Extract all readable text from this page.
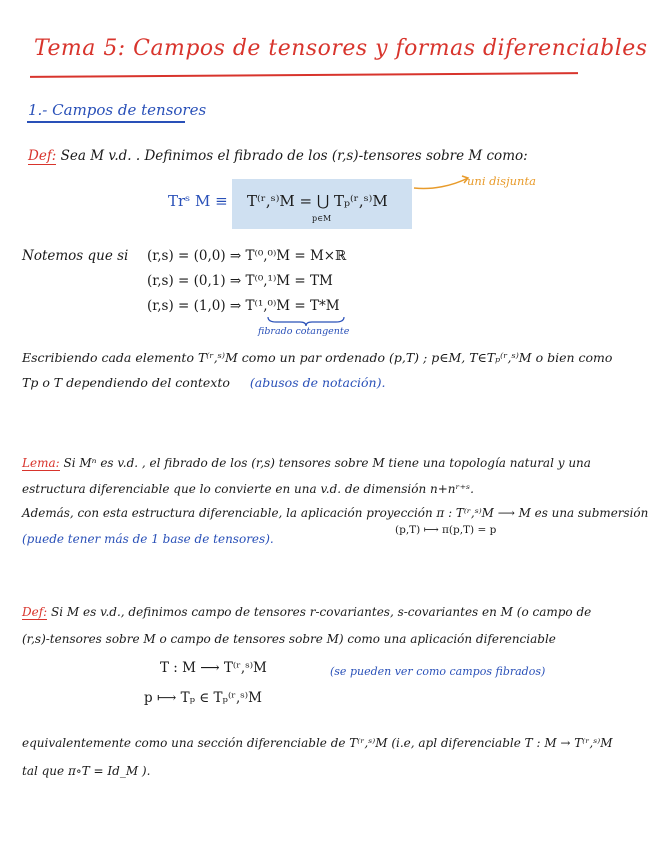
Tema 5: Campos de tensores y formas diferenciables
1.- Campos de tensores
Def: Sea M v.d. . Definimos el fibrado de los (r,s)-tensores sobre M como:
Trˢ M ≡ T⁽ʳ,ˢ⁾M = ⋃ Tₚ⁽ʳ,ˢ⁾M
p∈M
uni disjunta
Notemos que si (r,s) = (0,0) ⇒ T⁽⁰,⁰⁾M = M×ℝ
(r,s) = (0,1) ⇒ T⁽⁰,¹⁾M = TM
(r,s) = (1,0) ⇒ T⁽¹,⁰⁾M = T*M
fibrado cotangente
Escribiendo cada elemento T⁽ʳ,ˢ⁾M como un par ordenado (p,T) ; p∈M, T∈Tₚ⁽ʳ,ˢ⁾M o bien como
Tp o T dependiendo del contexto (abusos de notación).
Lema: Si Mⁿ es v.d. , el fibrado de los (r,s) tensores sobre M tiene una topología natural y una
estructura diferenciable que lo convierte en una v.d. de dimensión n+nʳ⁺ˢ.
Además, con esta estructura diferenciable, la aplicación proyección π : T⁽ʳ,ˢ⁾M ⟶ M es una submersión
(p,T) ⟼ π(p,T) = p
(puede tener más de 1 base de tensores).
Def: Si M es v.d., definimos campo de tensores r-covariantes, s-covariantes en M (o campo de
(r,s)-tensores sobre M o campo de tensores sobre M) como una aplicación diferenciable
T : M ⟶ T⁽ʳ,ˢ⁾M
p ⟼ Tₚ ∈ Tₚ⁽ʳ,ˢ⁾M
(se pueden ver como campos fibrados)
equivalentemente como una sección diferenciable de T⁽ʳ,ˢ⁾M (i.e, apl diferenciable T : M → T⁽ʳ,ˢ⁾M
tal que π∘T = Id_M ).
